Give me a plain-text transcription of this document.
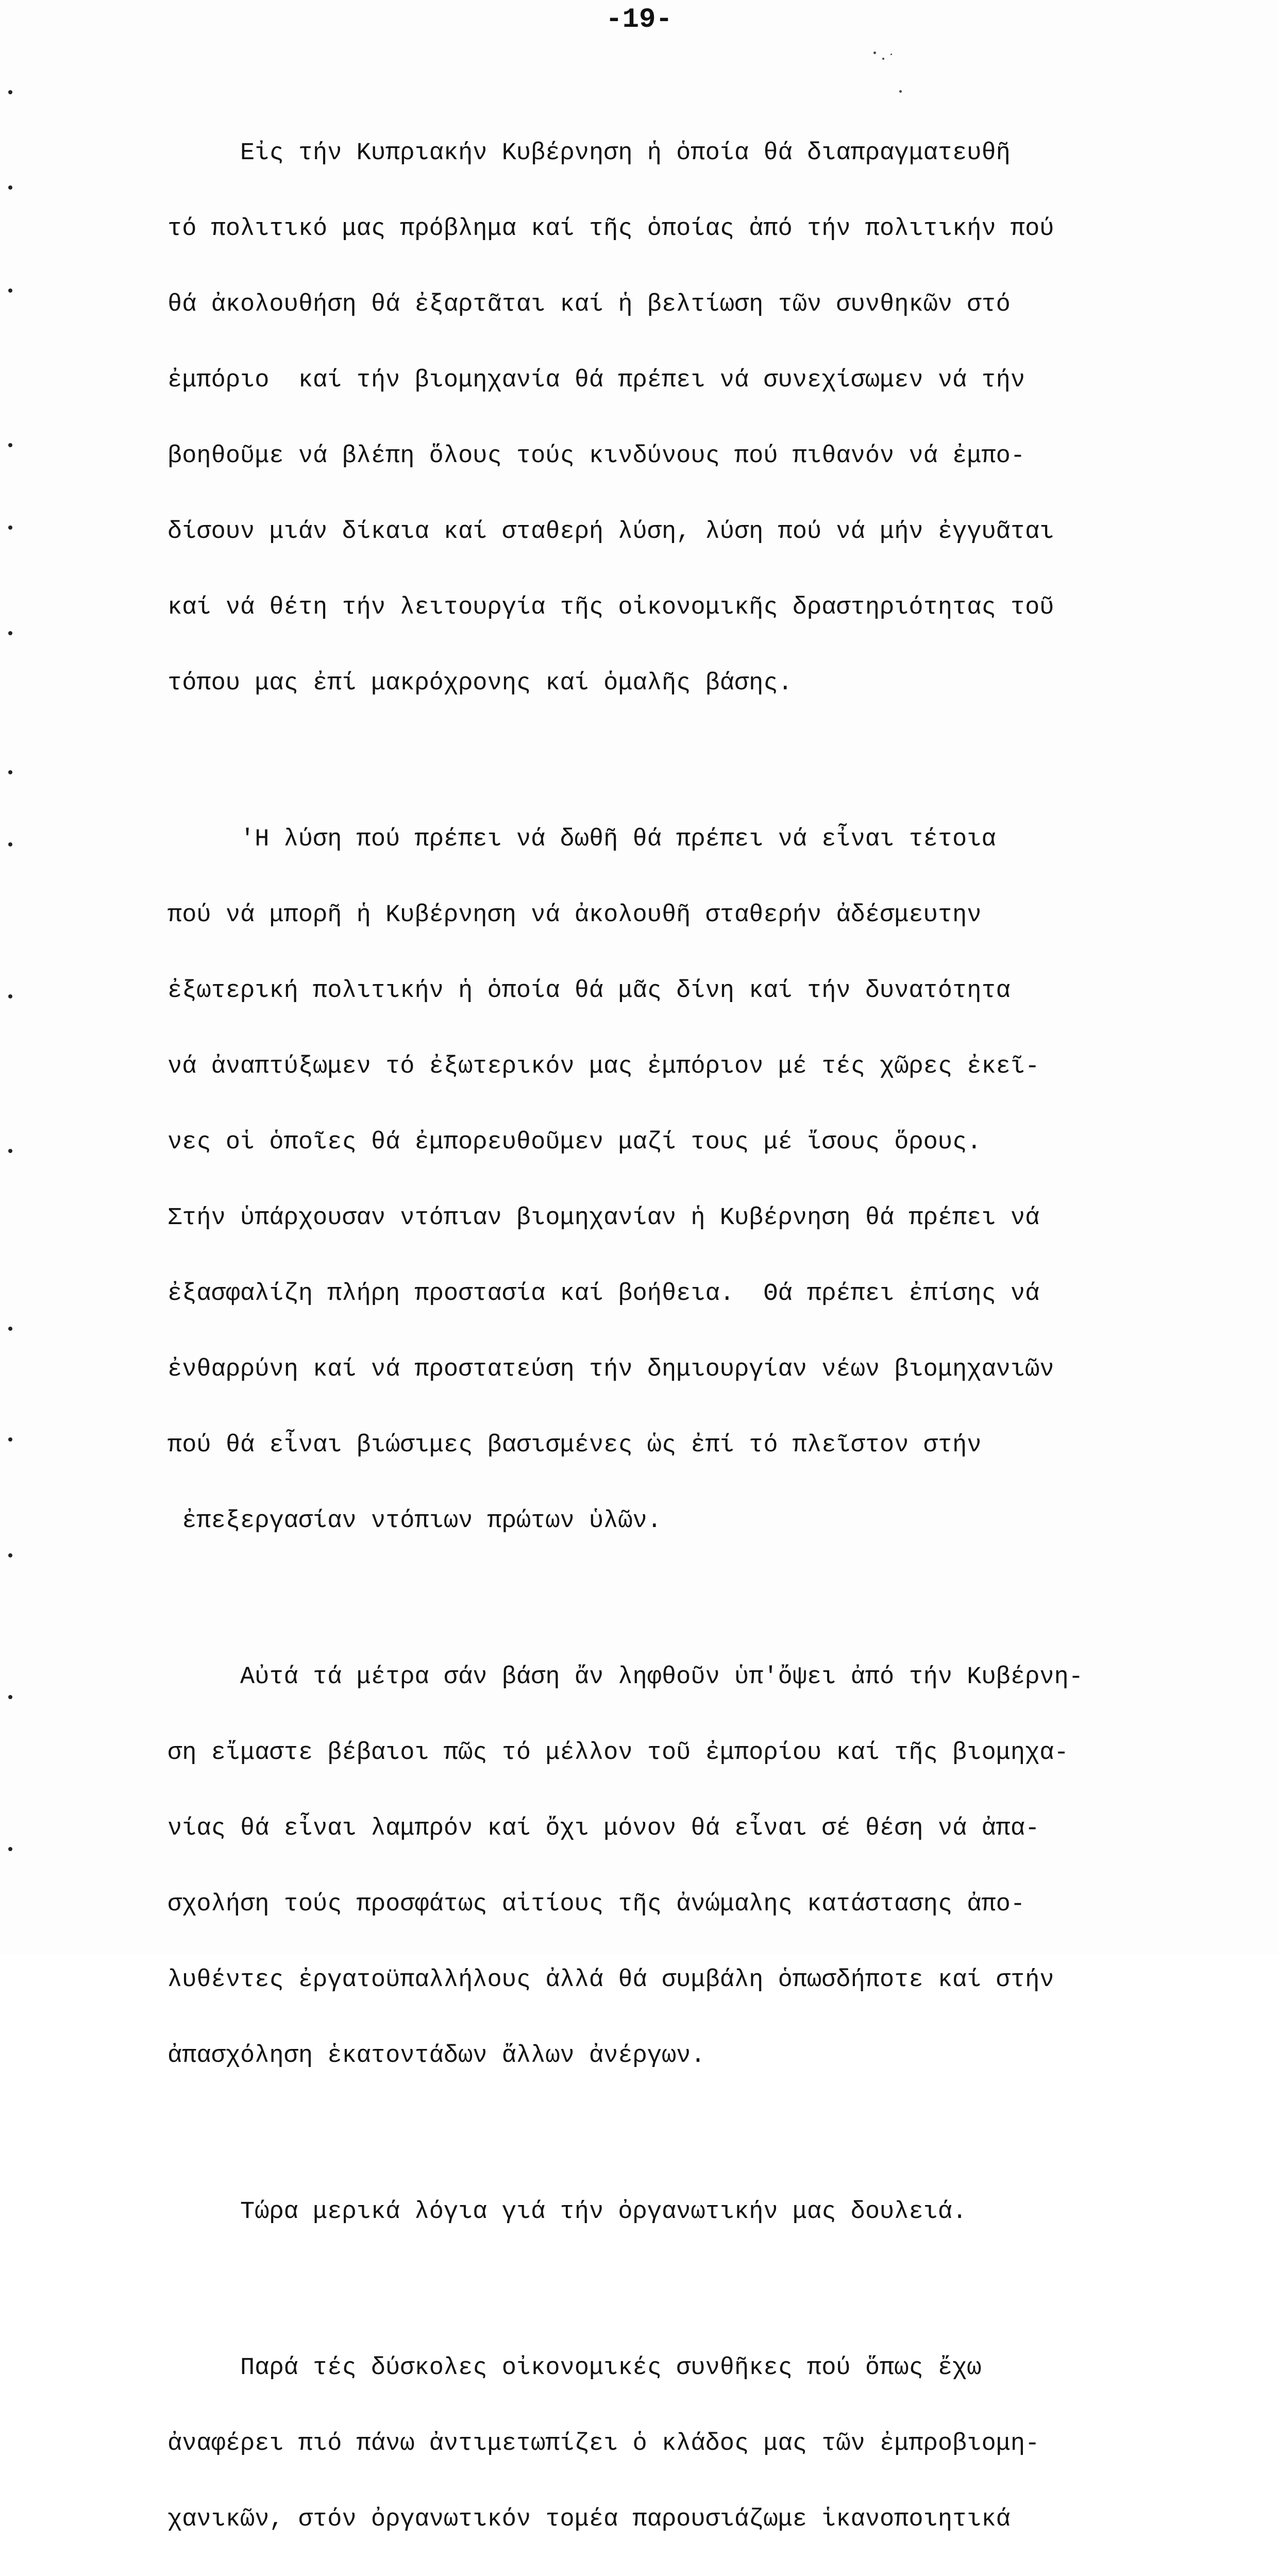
-19-

Εἰς τήν Κυπριακήν Κυβέρνηση ἡ ὁποία θά διαπραγματευθῆ

τό πολιτικό μας πρόβλημα καί τῆς ὁποίας ἀπό τήν πολιτικήν πού

θά ἀκολουθήση θά ἐξαρτᾶται καί ἡ βελτίωση τῶν συνθηκῶν στό

ἐμπόριο  καί τήν βιομηχανία θά πρέπει νά συνεχίσωμεν νά τήν

βοηθοῦμε νά βλέπη ὅλους τούς κινδύνους πού πιθανόν νά ἐμπο-

δίσουν μιάν δίκαια καί σταθερή λύση, λύση πού νά μήν ἐγγυᾶται

καί νά θέτη τήν λειτουργία τῆς οἰκονομικῆς δραστηριότητας τοῦ

τόπου μας ἐπί μακρόχρονης καί ὁμαλῆς βάσης.

'Η λύση πού πρέπει νά δωθῆ θά πρέπει νά εἶναι τέτοια

πού νά μπορῆ ἡ Κυβέρνηση νά ἀκολουθῆ σταθερήν ἀδέσμευτην

ἐξωτερική πολιτικήν ἡ ὁποία θά μᾶς δίνη καί τήν δυνατότητα

νά ἀναπτύξωμεν τό ἐξωτερικόν μας ἐμπόριον μέ τές χῶρες ἐκεῖ-

νες οἱ ὁποῖες θά ἐμπορευθοῦμεν μαζί τους μέ ἴσους ὅρους.

Στήν ὑπάρχουσαν ντόπιαν βιομηχανίαν ἡ Κυβέρνηση θά πρέπει νά

ἐξασφαλίζη πλήρη προστασία καί βοήθεια.  Θά πρέπει ἐπίσης νά

ἐνθαρρύνη καί νά προστατεύση τήν δημιουργίαν νέων βιομηχανιῶν

πού θά εἶναι βιώσιμες βασισμένες ὡς ἐπί τό πλεῖστον στήν

ἐπεξεργασίαν ντόπιων πρώτων ὑλῶν.

Αὐτά τά μέτρα σάν βάση ἄν ληφθοῦν ὑπ'ὄψει ἀπό τήν Κυβέρνη-

ση εἴμαστε βέβαιοι πῶς τό μέλλον τοῦ ἐμπορίου καί τῆς βιομηχα-

νίας θά εἶναι λαμπρόν καί ὄχι μόνον θά εἶναι σέ θέση νά ἀπα-

σχολήση τούς προσφάτως αἰτίους τῆς ἀνώμαλης κατάστασης ἀπο-

λυθέντες ἐργατοϋπαλλήλους ἀλλά θά συμβάλη ὁπωσδήποτε καί στήν

ἀπασχόληση ἑκατοντάδων ἄλλων ἀνέργων.

Τώρα μερικά λόγια γιά τήν ὀργανωτικήν μας δουλειά.

Παρά τές δύσκολες οἰκονομικές συνθῆκες πού ὅπως ἔχω

ἀναφέρει πιό πάνω ἀντιμετωπίζει ὁ κλάδος μας τῶν ἐμπροβιομη-

χανικῶν, στόν ὀργανωτικόν τομέα παρουσιάζωμε ἱκανοποιητικά
